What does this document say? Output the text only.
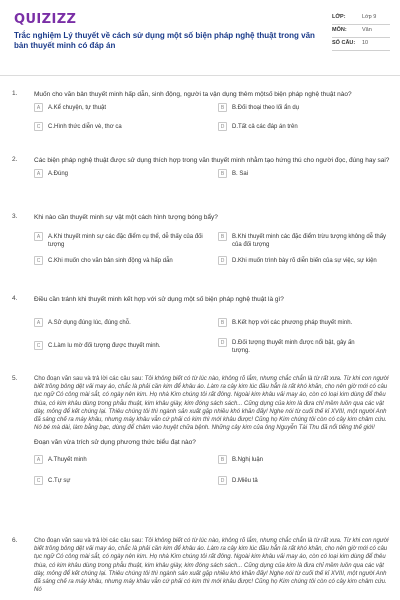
QUIZIZZ
Trắc nghiệm Lý thuyết về cách sử dụng một số biện pháp nghệ thuật trong văn bản thuyết minh có đáp án
LỚP:	Lớp 9
MÔN:	Văn
SỐ CÂU:	10
1.	Muốn cho văn bản thuyết minh hấp dẫn, sinh động, người ta vận dụng thêm mộtsố biện pháp nghệ thuật nào?
A	A.Kể chuyện, tự thuật	B	B.Đối thoại theo lối ẩn dụ
C	C.Hình thức diễn vè, thơ ca	D	D.Tất cả các đáp án trên
2.	Các biện pháp nghệ thuật được sử dụng thích hợp trong văn thuyết minh nhằm tạo hứng thú cho người đọc, đúng hay sai?
A	A.Đúng	B	B. Sai
3.	Khi nào cần thuyết minh sự vật một cách hình tượng bóng bẩy?
A	A.Khi thuyết minh sự các đặc điểm cụ thể, dễ thấy của đối tượng
B	B.Khi thuyết minh các đặc điểm trừu tượng không dễ thấy của đối tượng
C	C.Khi muốn cho văn bản sinh động và hấp dẫn	D	D.Khi muốn trình bày rõ diễn biến của sự việc, sự kiện
4.	Điều cần tránh khi thuyết minh kết hợp với sử dụng một số biện pháp nghệ thuật là gì?
A	A.Sử dụng đúng lúc, đúng chỗ.	B	B.Kết hợp với các phương pháp thuyết minh.
C	C.Làm lu mờ đối tượng được thuyết minh.	D	D.Đối tượng thuyết minh được nổi bật, gây ấn tượng.
5.	Cho đoạn văn sau và trả lời các câu sau: Tôi không biết có từ lúc nào, không rõ lắm, nhưng chắc chắn là từ rất xưa. Từ khi con người biết trồng bông dệt vải may áo, chắc là phải cần kim để khâu áo. Làm ra cây kim lúc đầu hẳn là rất khó khăn, cho nên giờ mới có câu tục ngữ Có công mài sắt, có ngày nên kim. Họ nhà Kim chúng tôi rất đông. Ngoài kim khâu vải may áo, còn có loại kim dùng để thêu thùa, có kim khâu dùng trong phẫu thuật, kim khâu giày, kim đóng sách sách... Cũng dụng của kim là đưa chỉ mềm luồn qua các vật dày, mỏng để kết chúng lại. Thiêu chúng tôi thì ngành sản xuất gặp nhiều khó khăn đấy! Nghe nói từ cuối thế kỉ XVIII, một người Anh đã sáng chế ra máy khâu, nhưng máy khâu vẫn cứ phải có kim thì mới khâu được! Cũng họ Kim chúng tôi còn có cây kim châm cứu. Nó bé mà dài, làm bằng bạc, dùng để châm vào huyệt chữa bệnh. Những cây kim của ông Nguyễn Tài Thu đã nổi tiếng thế giới!
Đoạn văn vừa trích sử dụng phương thức biểu đạt nào?
A	A.Thuyết minh	B	B.Nghị luận
C	C.Tự sự	D	D.Miêu tả
6.	Cho đoạn văn sau và trả lời các câu sau: Tôi không biết có từ lúc nào, không rõ lắm, nhưng chắc chắn là từ rất xưa. Từ khi con người biết trồng bông dệt vải may áo, chắc là phải cần kim để khâu áo. Làm ra cây kim lúc đầu hẳn là rất khó khăn, cho nên giờ mới có câu tục ngữ Có công mài sắt, có ngày nên kim. Họ nhà Kim chúng tôi rất đông. Ngoài kim khâu vải may áo, còn có loại kim dùng để thêu thùa, có kim khâu dùng trong phẫu thuật, kim khâu giày, kim đóng sách sách... Cũng dụng của kim là đưa chỉ mềm luồn qua các vật dày, mỏng để kết chúng lại. Thiêu chúng tôi thì ngành sản xuất gặp nhiều khó khăn đấy! Nghe nói từ cuối thế kỉ XVIII, một người Anh đã sáng chế ra máy khâu, nhưng máy khâu vẫn cứ phải có kim thì mới khâu được! Cũng họ Kim chúng tôi còn có cây kim châm cứu. Nó
